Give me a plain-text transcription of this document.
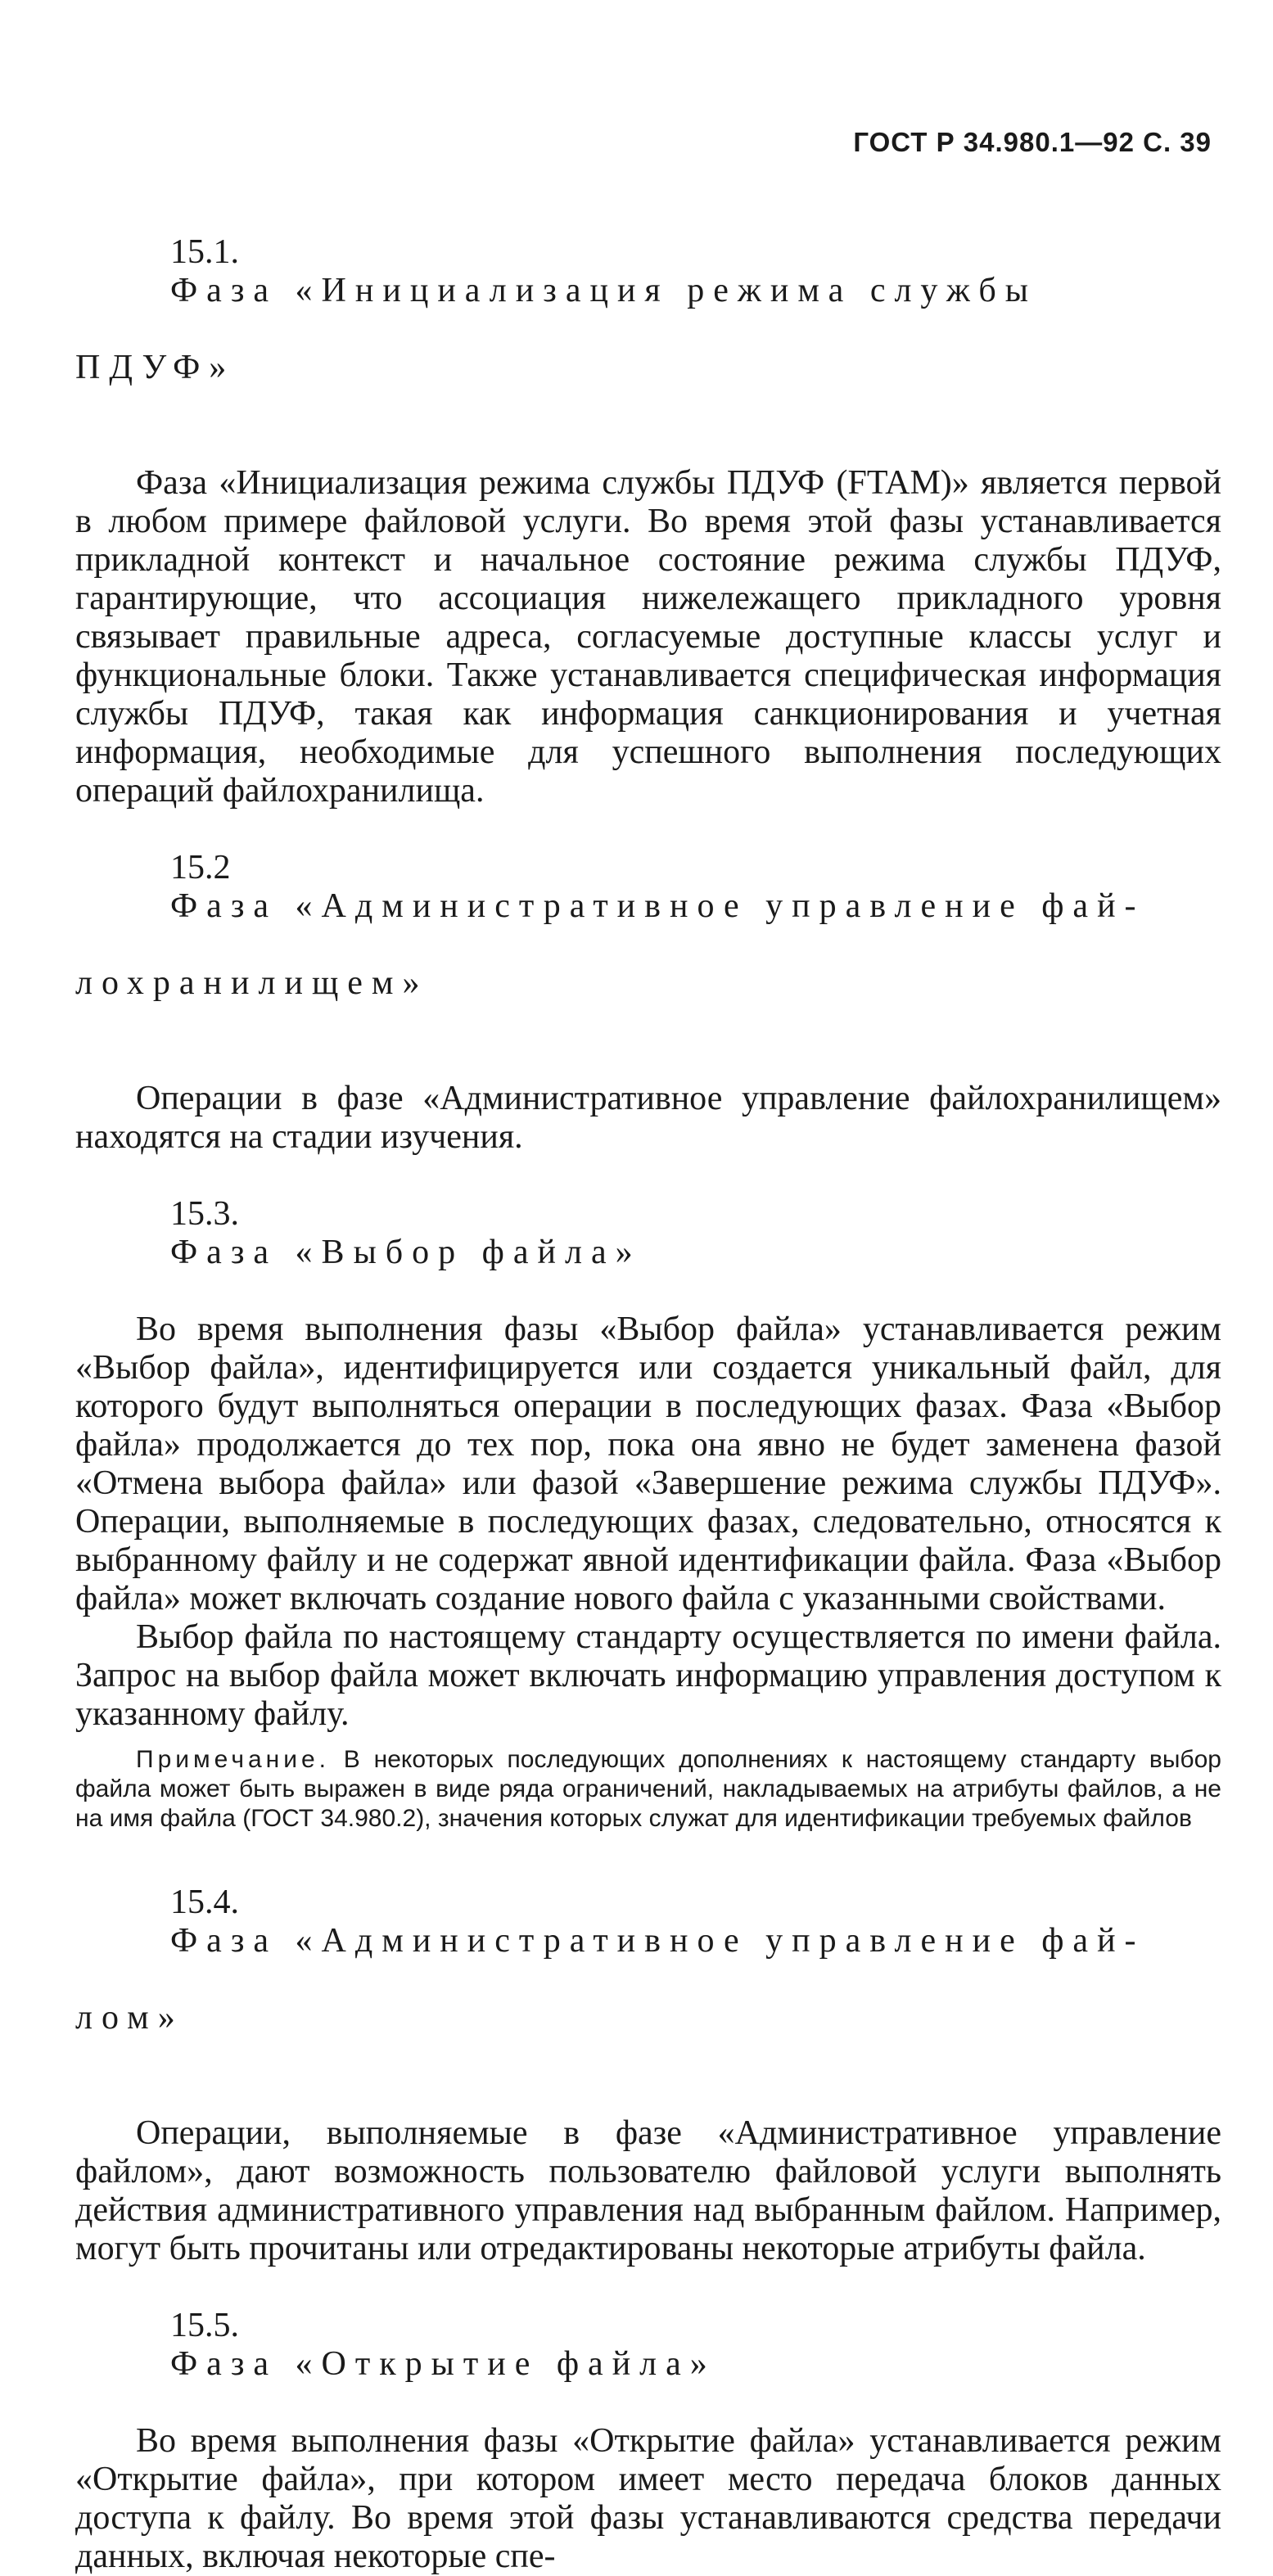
ГОСТ Р 34.980.1—92 С. 39

15.1.
Фаза «Инициализация режима службы

ПДУФ»

Фаза «Инициализация режима службы ПДУФ (FTAM)» является первой в любом примере файловой услуги. Во время этой фазы устанавливается прикладной контекст и начальное состояние режима службы ПДУФ, гарантирующие, что ассоциация нижележащего прикладного уровня связывает правильные адреса, согласуемые доступные классы услуг и функциональные блоки. Также устанавливается специфическая информация службы ПДУФ, такая как информация санкционирования и учетная информация, необходимые для успешного выполнения последующих операций файлохранилища.

15.2
Фаза «Административное управление фай-

лохранилищем»

Операции в фазе «Административное управление файлохранилищем» находятся на стадии изучения.

15.3.
Фаза «Выбор файла»

Во время выполнения фазы «Выбор файла» устанавливается режим «Выбор файла», идентифицируется или создается уникальный файл, для которого будут выполняться операции в последующих фазах. Фаза «Выбор файла» продолжается до тех пор, пока она явно не будет заменена фазой «Отмена выбора файла» или фазой «Завершение режима службы ПДУФ». Операции, выполняемые в последующих фазах, следовательно, относятся к выбранному файлу и не содержат явной идентификации файла. Фаза «Выбор файла» может включать создание нового файла с указанными свойствами.

Выбор файла по настоящему стандарту осуществляется по имени файла. Запрос на выбор файла может включать информацию управления доступом к указанному файлу.

Примечание. В некоторых последующих дополнениях к настоящему стандарту выбор файла может быть выражен в виде ряда ограничений, накладываемых на атрибуты файлов, а не на имя файла (ГОСТ 34.980.2), значения которых служат для идентификации требуемых файлов

15.4.
Фаза «Административное управление фай-

лом»

Операции, выполняемые в фазе «Административное управление файлом», дают возможность пользователю файловой услуги выполнять действия административного управления над выбранным файлом. Например, могут быть прочитаны или отредактированы некоторые атрибуты файла.

15.5.
Фаза «Открытие файла»

Во время выполнения фазы «Открытие файла» устанавливается режим «Открытие файла», при котором имеет место передача блоков данных доступа к файлу. Во время этой фазы устанавливаются средства передачи данных, включая некоторые спе-
